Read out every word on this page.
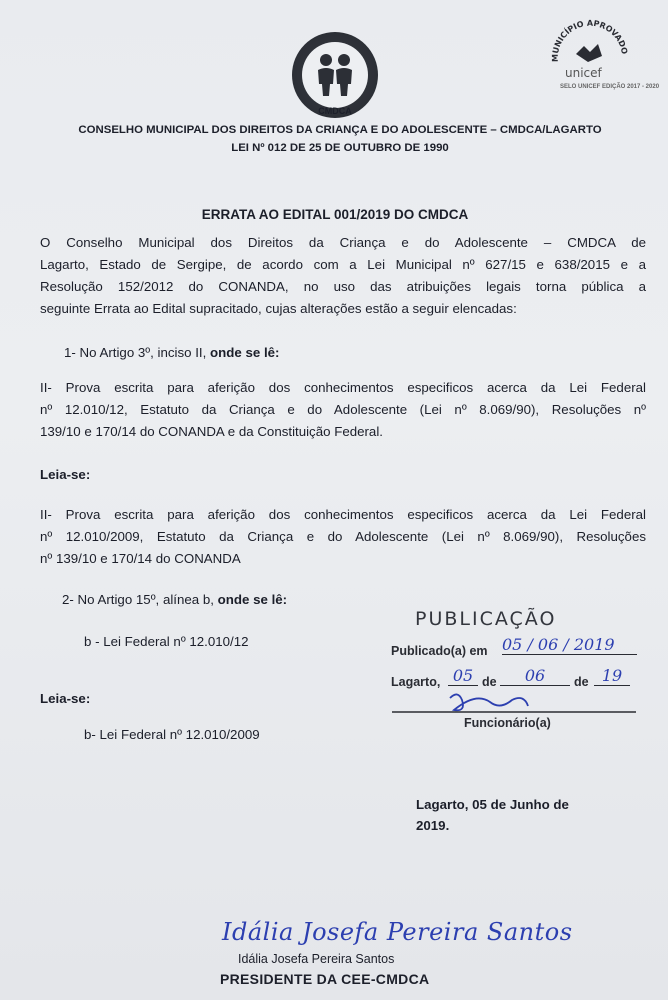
CMDCA
MUNICÍPIO APROVADO
unicef
SELO UNICEF EDIÇÃO 2017 - 2020
CONSELHO MUNICIPAL DOS DIREITOS DA CRIANÇA E DO ADOLESCENTE – CMDCA/LAGARTO
LEI Nº 012 DE 25 DE OUTUBRO DE 1990
ERRATA AO EDITAL 001/2019 DO CMDCA
O Conselho Municipal dos Direitos da Criança e do Adolescente – CMDCA de
Lagarto, Estado de Sergipe, de acordo com a Lei Municipal nº 627/15 e 638/2015 e a
Resolução 152/2012 do CONANDA, no uso das atribuições legais torna pública a
seguinte Errata ao Edital supracitado, cujas alterações estão a seguir elencadas:
1- No Artigo 3º, inciso II, onde se lê:
II- Prova escrita para aferição dos conhecimentos especificos acerca da Lei Federal
nº 12.010/12, Estatuto da Criança e do Adolescente (Lei nº 8.069/90), Resoluções nº
139/10 e 170/14 do CONANDA e da Constituição Federal.
Leia-se:
II- Prova escrita para aferição dos conhecimentos especificos acerca da Lei Federal
nº 12.010/2009, Estatuto da Criança e do Adolescente (Lei nº 8.069/90), Resoluções
nº 139/10 e 170/14 do CONANDA
2- No Artigo 15º, alínea b, onde se lê:
b - Lei Federal nº 12.010/12
Leia-se:
b- Lei Federal nº 12.010/2009
PUBLICAÇÃO
Publicado(a) em 05 / 06 / 2019
Lagarto, 05 de	06	de 19
Funcionário(a)
Lagarto, 05 de Junho de
2019.
Idália Josefa Pereira Santos
Idália Josefa Pereira Santos
PRESIDENTE DA CEE-CMDCA
